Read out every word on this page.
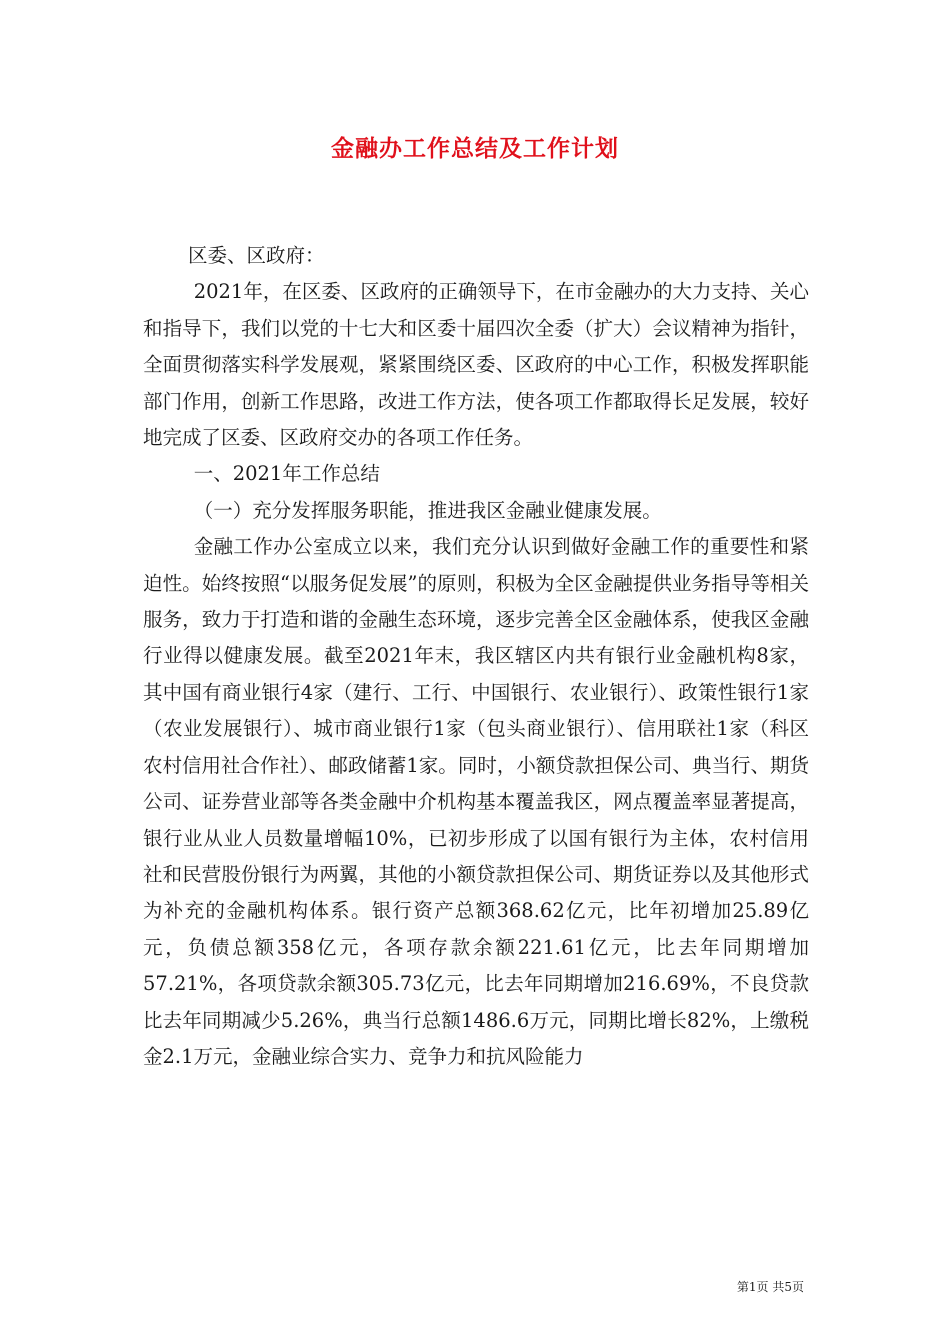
金融办工作总结及工作计划

区委、区政府：

2021年，在区委、区政府的正确领导下，在市金融办的大力支持、关心和指导下，我们以党的十七大和区委十届四次全委（扩大）会议精神为指针，全面贯彻落实科学发展观，紧紧围绕区委、区政府的中心工作，积极发挥职能部门作用，创新工作思路，改进工作方法，使各项工作都取得长足发展，较好地完成了区委、区政府交办的各项工作任务。

一、2021年工作总结

（一）充分发挥服务职能，推进我区金融业健康发展。

金融工作办公室成立以来，我们充分认识到做好金融工作的重要性和紧迫性。始终按照“以服务促发展”的原则，积极为全区金融提供业务指导等相关服务，致力于打造和谐的金融生态环境，逐步完善全区金融体系，使我区金融行业得以健康发展。截至2021年末，我区辖区内共有银行业金融机构8家，其中国有商业银行4家（建行、工行、中国银行、农业银行）、政策性银行1家（农业发展银行）、城市商业银行1家（包头商业银行）、信用联社1家（科区农村信用社合作社）、邮政储蓄1家。同时，小额贷款担保公司、典当行、期货公司、证券营业部等各类金融中介机构基本覆盖我区，网点覆盖率显著提高，银行业从业人员数量增幅10%，已初步形成了以国有银行为主体，农村信用社和民营股份银行为两翼，其他的小额贷款担保公司、期货证券以及其他形式为补充的金融机构体系。银行资产总额368.62亿元，比年初增加25.89亿元，负债总额358亿元，各项存款余额221.61亿元，比去年同期增加57.21%，各项贷款余额305.73亿元，比去年同期增加216.69%，不良贷款比去年同期减少5.26%，典当行总额1486.6万元，同期比增长82%，上缴税金2.1万元，金融业综合实力、竞争力和抗风险能力

第1页 共5页
